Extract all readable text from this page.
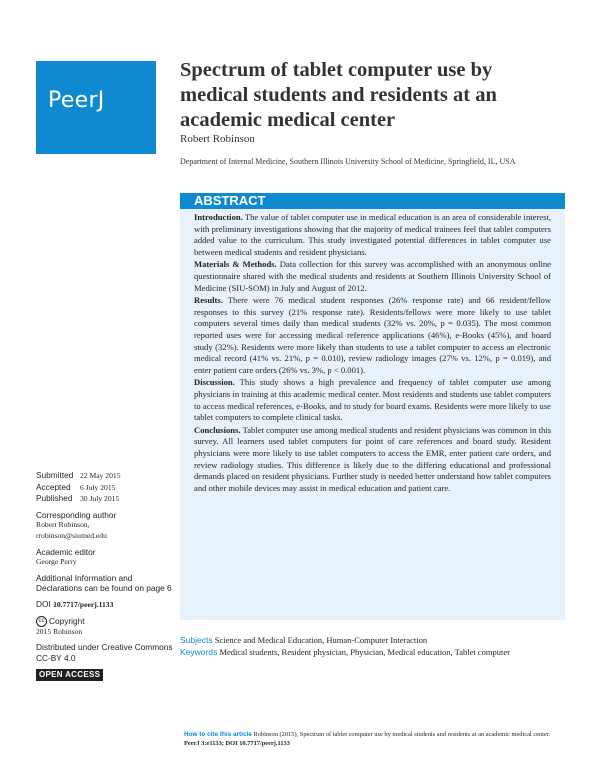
PeerJ
Spectrum of tablet computer use by medical students and residents at an academic medical center
Robert Robinson
Department of Internal Medicine, Southern Illinois University School of Medicine, Springfield, IL, USA
ABSTRACT

Introduction. The value of tablet computer use in medical education is an area of considerable interest, with preliminary investigations showing that the majority of medical trainees feel that tablet computers added value to the curriculum. This study investigated potential differences in tablet computer use between medical students and resident physicians.

Materials & Methods. Data collection for this survey was accomplished with an anonymous online questionnaire shared with the medical students and residents at Southern Illinois University School of Medicine (SIU-SOM) in July and August of 2012.

Results. There were 76 medical student responses (26% response rate) and 66 resident/fellow responses to this survey (21% response rate). Residents/fellows were more likely to use tablet computers several times daily than medical students (32% vs. 20%, p = 0.035). The most common reported uses were for accessing medical reference applications (46%), e-Books (45%), and board study (32%). Residents were more likely than students to use a tablet computer to access an electronic medical record (41% vs. 21%, p = 0.010), review radiology images (27% vs. 12%, p = 0.019), and enter patient care orders (26% vs. 3%, p < 0.001).

Discussion. This study shows a high prevalence and frequency of tablet computer use among physicians in training at this academic medical center. Most residents and students use tablet computers to access medical references, e-Books, and to study for board exams. Residents were more likely to use tablet computers to complete clinical tasks.

Conclusions. Tablet computer use among medical students and resident physicians was common in this survey. All learners used tablet computers for point of care references and board study. Resident physicians were more likely to use tablet computers to access the EMR, enter patient care orders, and review radiology studies. This difference is likely due to the differing educational and professional demands placed on resident physicians. Further study is needed better understand how tablet computers and other mobile devices may assist in medical education and patient care.

Submitted 22 May 2015
Accepted 6 July 2015
Published 30 July 2015
Corresponding author
Robert Robinson,
rrobinson@siumed.edu
Academic editor
George Perry
Additional Information and Declarations can be found on page 6
DOI 10.7717/peerj.1133
cc Copyright
2015 Robinson
Distributed under Creative Commons CC-BY 4.0
OPEN ACCESS
Subjects Science and Medical Education, Human-Computer Interaction
Keywords Medical students, Resident physician, Physician, Medical education, Tablet computer
How to cite this article Robinson (2015), Spectrum of tablet computer use by medical students and residents at an academic medical center. PeerJ 3:e1133; DOI 10.7717/peerj.1133
